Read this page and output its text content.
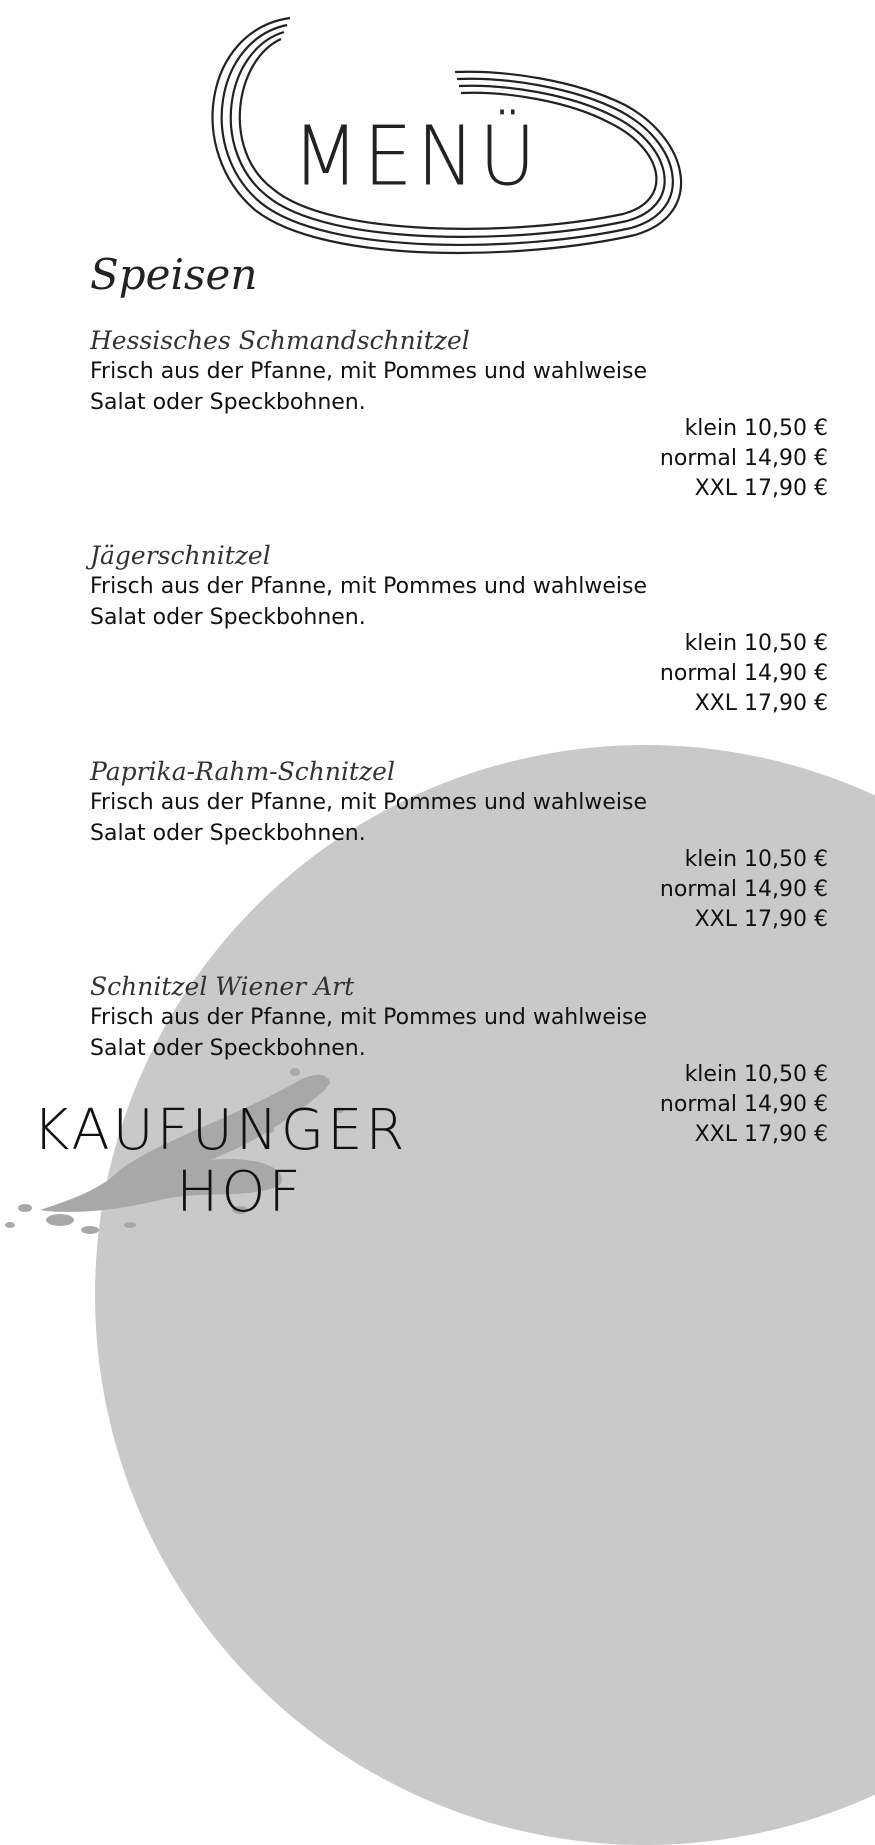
MENÜ
Speisen
Hessisches Schmandschnitzel

Frisch aus der Pfanne, mit Pommes und wahlweise
Salat oder Speckbohnen.

klein 10,50 €
normal 14,90 €
XXL 17,90 €
Jägerschnitzel

Frisch aus der Pfanne, mit Pommes und wahlweise
Salat oder Speckbohnen.

klein 10,50 €
normal 14,90 €
XXL 17,90 €
Paprika-Rahm-Schnitzel

Frisch aus der Pfanne, mit Pommes und wahlweise
Salat oder Speckbohnen.

klein 10,50 €
normal 14,90 €
XXL 17,90 €
Schnitzel Wiener Art

Frisch aus der Pfanne, mit Pommes und wahlweise
Salat oder Speckbohnen.

klein 10,50 €
normal 14,90 €
XXL 17,90 €
KAUFUNGER
HOF
